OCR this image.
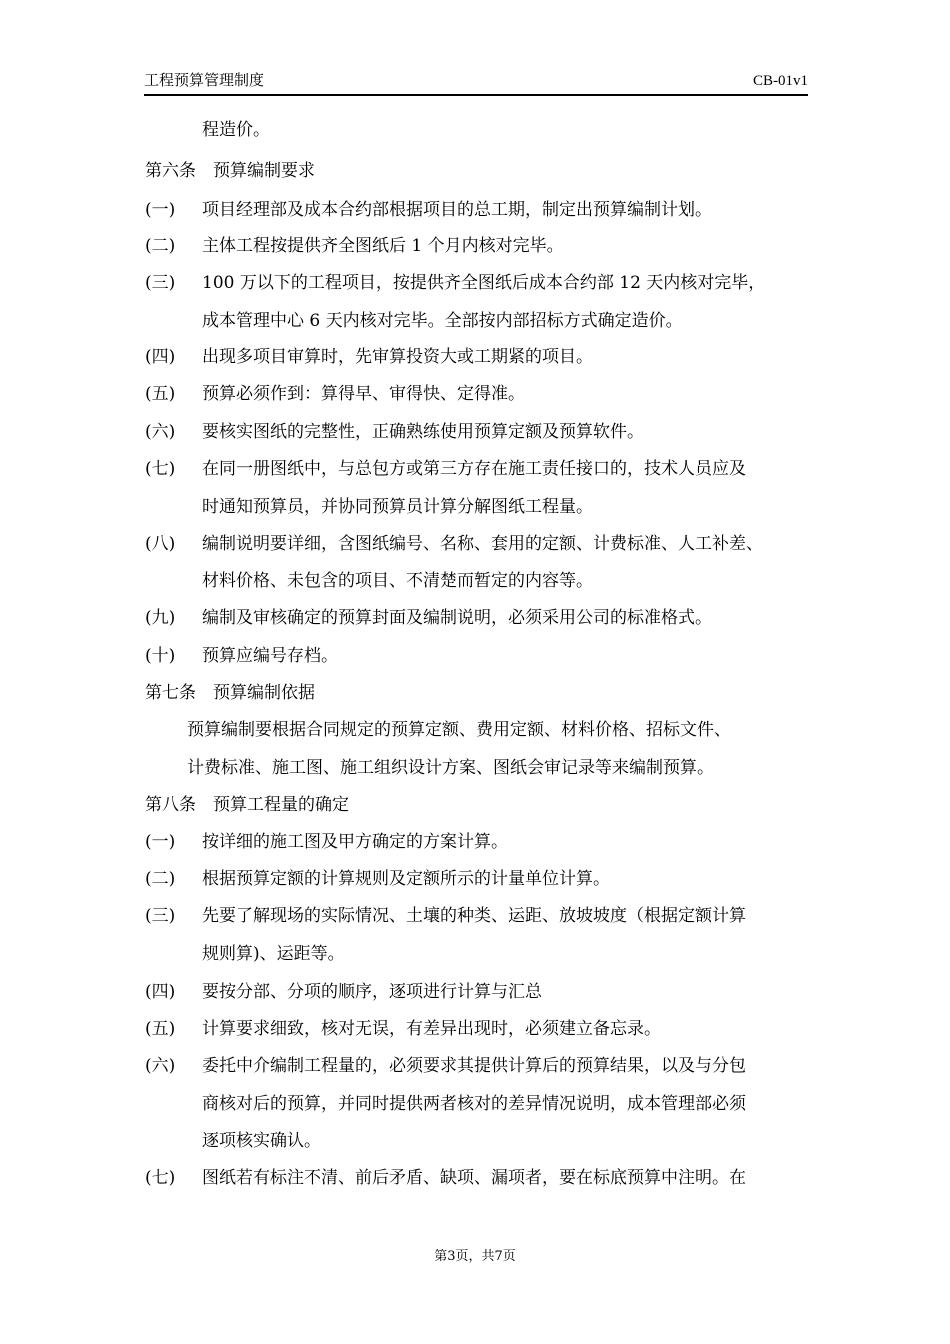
工程预算管理制度	CB-01v1
程造价。
第六条　预算编制要求
(一) 项目经理部及成本合约部根据项目的总工期，制定出预算编制计划。
(二) 主体工程按提供齐全图纸后 1 个月内核对完毕。
(三) 100 万以下的工程项目，按提供齐全图纸后成本合约部 12 天内核对完毕，
成本管理中心 6 天内核对完毕。全部按内部招标方式确定造价。
(四) 出现多项目审算时，先审算投资大或工期紧的项目。
(五) 预算必须作到：算得早、审得快、定得准。
(六) 要核实图纸的完整性，正确熟练使用预算定额及预算软件。
(七) 在同一册图纸中，与总包方或第三方存在施工责任接口的，技术人员应及
时通知预算员，并协同预算员计算分解图纸工程量。
(八) 编制说明要详细，含图纸编号、名称、套用的定额、计费标准、人工补差、
材料价格、未包含的项目、不清楚而暂定的内容等。
(九) 编制及审核确定的预算封面及编制说明，必须采用公司的标准格式。
(十) 预算应编号存档。
第七条　预算编制依据
预算编制要根据合同规定的预算定额、费用定额、材料价格、招标文件、
计费标准、施工图、施工组织设计方案、图纸会审记录等来编制预算。
第八条　预算工程量的确定
(一) 按详细的施工图及甲方确定的方案计算。
(二) 根据预算定额的计算规则及定额所示的计量单位计算。
(三) 先要了解现场的实际情况、土壤的种类、运距、放坡坡度（根据定额计算
规则算)、运距等。
(四) 要按分部、分项的顺序，逐项进行计算与汇总
(五) 计算要求细致，核对无误，有差异出现时，必须建立备忘录。
(六) 委托中介编制工程量的，必须要求其提供计算后的预算结果，以及与分包
商核对后的预算，并同时提供两者核对的差异情况说明，成本管理部必须
逐项核实确认。
(七) 图纸若有标注不清、前后矛盾、缺项、漏项者，要在标底预算中注明。在
第3页，共7页
